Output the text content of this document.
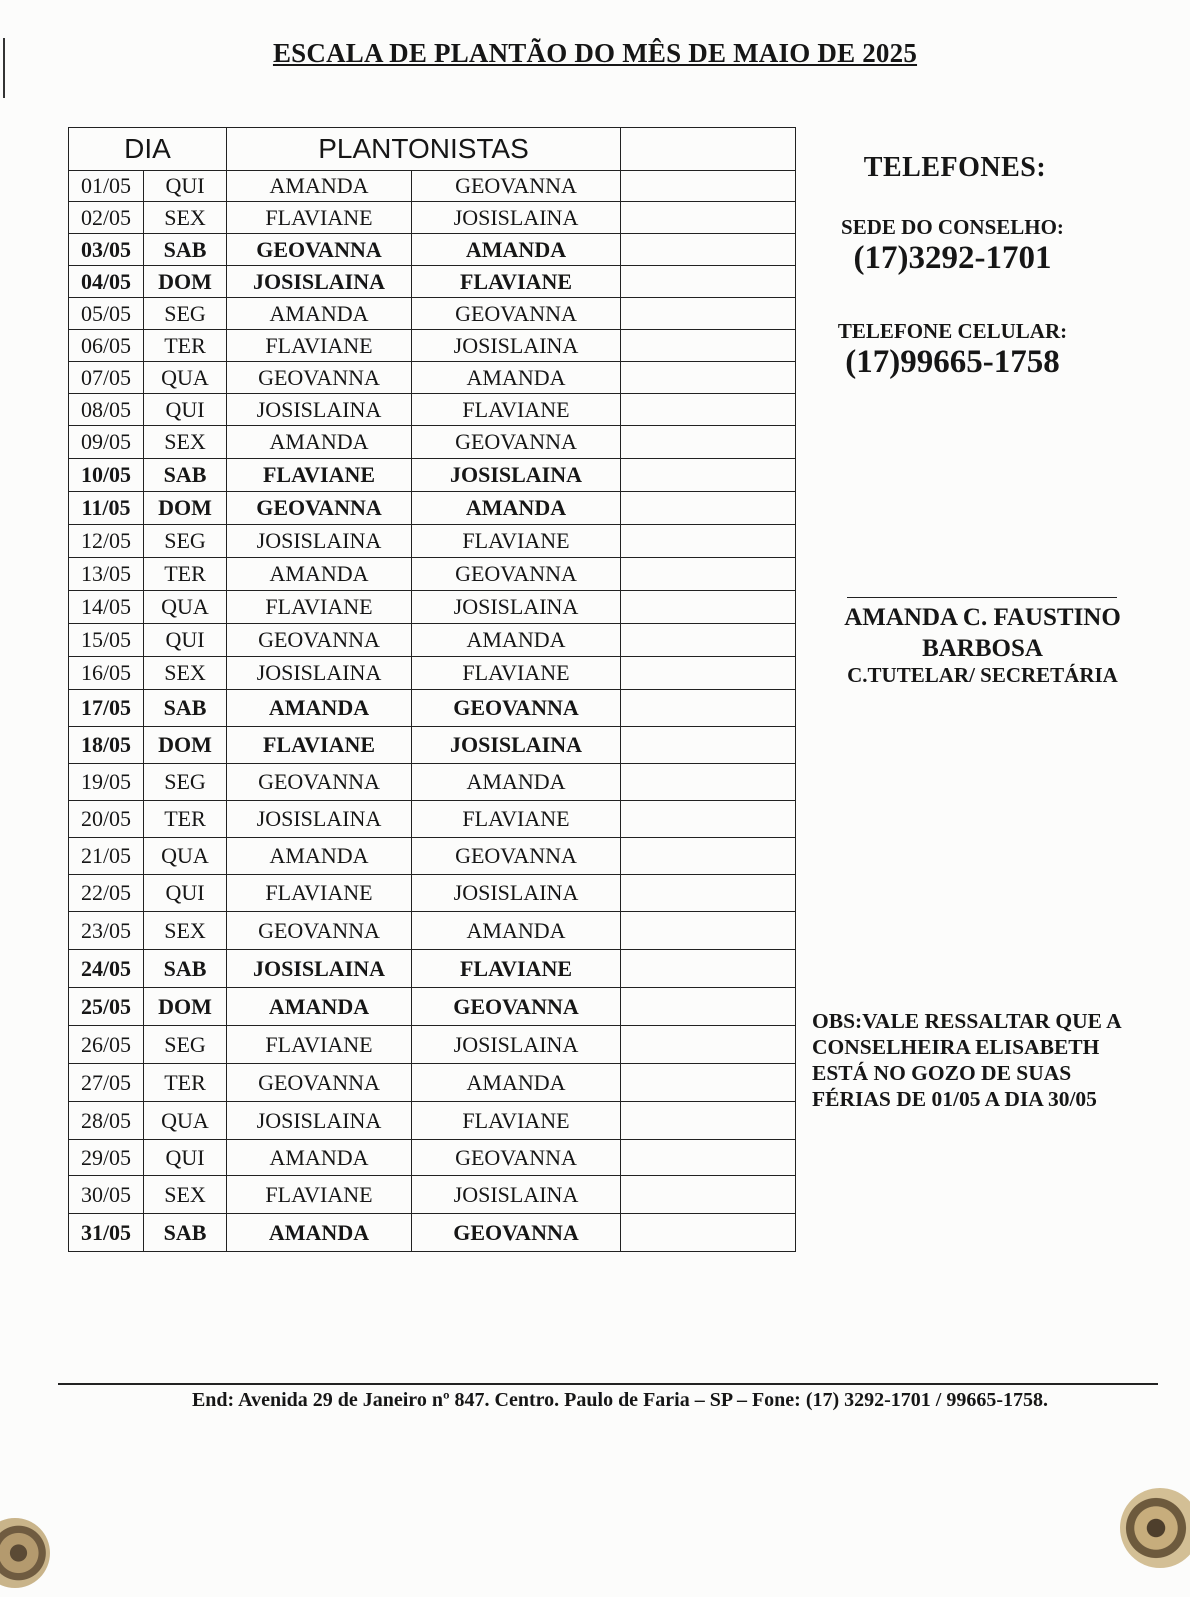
ESCALA DE PLANTÃO DO MÊS DE MAIO DE 2025
DIA		PLANTONISTAS		
01/05	QUI	AMANDA	GEOVANNA	
02/05	SEX	FLAVIANE	JOSISLAINA	
03/05	SAB	GEOVANNA	AMANDA	
04/05	DOM	JOSISLAINA	FLAVIANE	
05/05	SEG	AMANDA	GEOVANNA	
06/05	TER	FLAVIANE	JOSISLAINA	
07/05	QUA	GEOVANNA	AMANDA	
08/05	QUI	JOSISLAINA	FLAVIANE	
09/05	SEX	AMANDA	GEOVANNA	
10/05	SAB	FLAVIANE	JOSISLAINA	
11/05	DOM	GEOVANNA	AMANDA	
12/05	SEG	JOSISLAINA	FLAVIANE	
13/05	TER	AMANDA	GEOVANNA	
14/05	QUA	FLAVIANE	JOSISLAINA	
15/05	QUI	GEOVANNA	AMANDA	
16/05	SEX	JOSISLAINA	FLAVIANE	
17/05	SAB	AMANDA	GEOVANNA	
18/05	DOM	FLAVIANE	JOSISLAINA	
19/05	SEG	GEOVANNA	AMANDA	
20/05	TER	JOSISLAINA	FLAVIANE	
21/05	QUA	AMANDA	GEOVANNA	
22/05	QUI	FLAVIANE	JOSISLAINA	
23/05	SEX	GEOVANNA	AMANDA	
24/05	SAB	JOSISLAINA	FLAVIANE	
25/05	DOM	AMANDA	GEOVANNA	
26/05	SEG	FLAVIANE	JOSISLAINA	
27/05	TER	GEOVANNA	AMANDA	
28/05	QUA	JOSISLAINA	FLAVIANE	
29/05	QUI	AMANDA	GEOVANNA	
30/05	SEX	FLAVIANE	JOSISLAINA	
31/05	SAB	AMANDA	GEOVANNA	
TELEFONES:
SEDE DO CONSELHO:
(17)3292-1701
TELEFONE CELULAR:
(17)99665-1758
AMANDA C. FAUSTINO
BARBOSA
C.TUTELAR/ SECRETÁRIA
OBS:VALE RESSALTAR QUE A
CONSELHEIRA ELISABETH
ESTÁ NO GOZO DE SUAS
FÉRIAS DE 01/05 A DIA 30/05
End: Avenida 29 de Janeiro nº 847. Centro. Paulo de Faria – SP – Fone: (17) 3292-1701 / 99665-1758.
